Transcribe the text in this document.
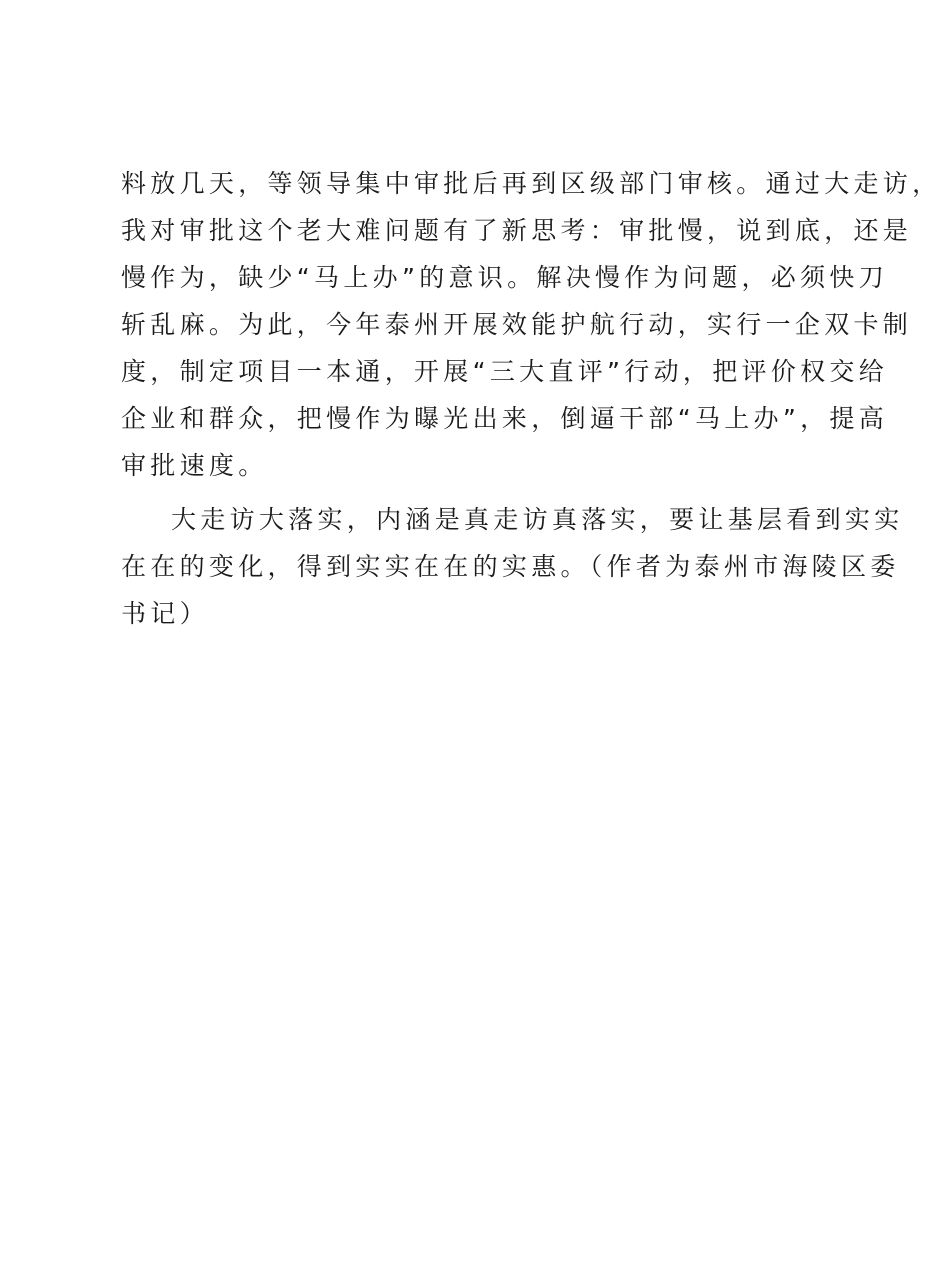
料放几天，等领导集中审批后再到区级部门审核。通过大走访，
我对审批这个老大难问题有了新思考：审批慢，说到底，还是
慢作为，缺少“马上办”的意识。解决慢作为问题，必须快刀
斩乱麻。为此，今年泰州开展效能护航行动，实行一企双卡制
度，制定项目一本通，开展“三大直评”行动，把评价权交给
企业和群众，把慢作为曝光出来，倒逼干部“马上办”，提高
审批速度。
大走访大落实，内涵是真走访真落实，要让基层看到实实
在在的变化，得到实实在在的实惠。（作者为泰州市海陵区委
书记）
